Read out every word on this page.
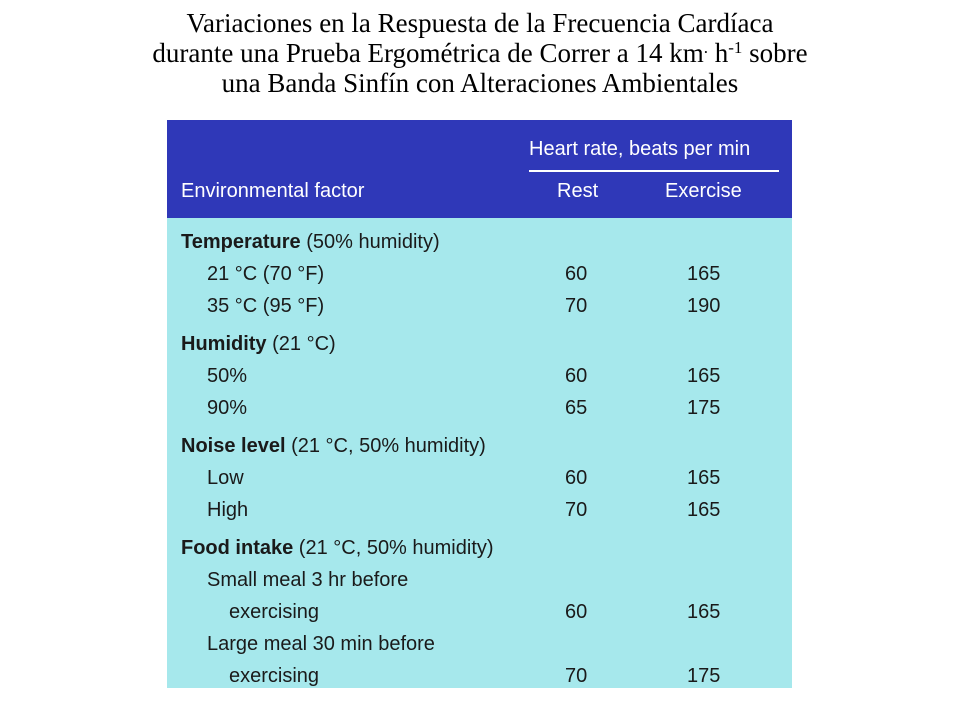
Variaciones en la Respuesta de la Frecuencia Cardíaca
durante una Prueba Ergométrica de Correr a 14 km. $h^{-1}$ sobre
una Banda Sinfín con Alteraciones Ambientales
Heart rate, beats per min
Environmental factor	Rest	Exercise
Temperature (50% humidity)
21 °C (70 °F)	60	165
35 °C (95 °F)	70	190
Humidity (21 °C)
50%	60	165
90%	65	175
Noise level (21 °C, 50% humidity)
Low	60	165
High	70	165
Food intake (21 °C, 50% humidity)
Small meal 3 hr before
exercising	60	165
Large meal 30 min before
exercising	70	175
